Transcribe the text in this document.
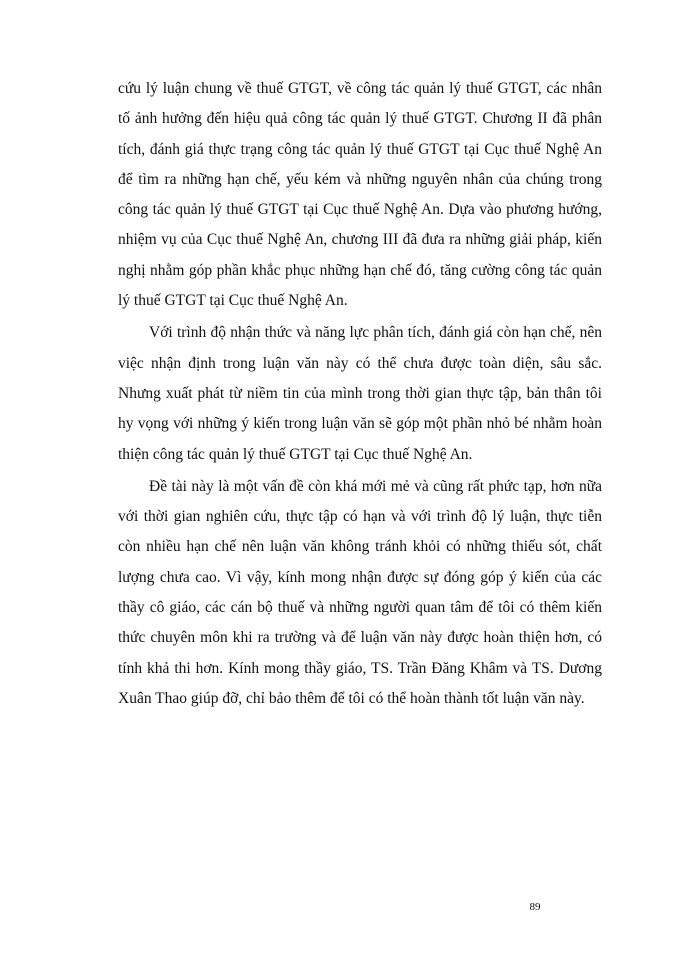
cứu lý luận chung về thuế GTGT, về công tác quản lý thuế GTGT, các nhân tố ảnh hưởng đến hiệu quả công tác quản lý thuế GTGT. Chương II đã phân tích, đánh giá thực trạng công tác quản lý thuế GTGT tại Cục thuế Nghệ An để tìm ra những hạn chế, yếu kém và những nguyên nhân của chúng trong công tác quản lý thuế GTGT tại Cục thuế Nghệ An. Dựa vào phương hướng, nhiệm vụ của Cục thuế Nghệ An, chương III đã đưa ra những giải pháp, kiến nghị nhằm góp phần khắc phục những hạn chế đó, tăng cường công tác quản lý thuế GTGT tại Cục thuế Nghệ An.

Với trình độ nhận thức và năng lực phân tích, đánh giá còn hạn chế, nên việc nhận định trong luận văn này có thể chưa được toàn diện, sâu sắc. Nhưng xuất phát từ niềm tin của mình trong thời gian thực tập, bản thân tôi hy vọng với những ý kiến trong luận văn sẽ góp một phần nhỏ bé nhằm hoàn thiện công tác quản lý thuế GTGT tại Cục thuế Nghệ An.

Đề tài này là một vấn đề còn khá mới mẻ và cũng rất phức tạp, hơn nữa với thời gian nghiên cứu, thực tập có hạn và với trình độ lý luận, thực tiễn còn nhiều hạn chế nên luận văn không tránh khỏi có những thiếu sót, chất lượng chưa cao. Vì vậy, kính mong nhận được sự đóng góp ý kiến của các thầy cô giáo, các cán bộ thuế và những người quan tâm để tôi có thêm kiến thức chuyên môn khi ra trường và để luận văn này được hoàn thiện hơn, có tính khả thi hơn. Kính mong thầy giáo, TS. Trần Đăng Khâm và TS. Dương Xuân Thao giúp đỡ, chỉ bảo thêm để tôi có thể hoàn thành tốt luận văn này.

89
